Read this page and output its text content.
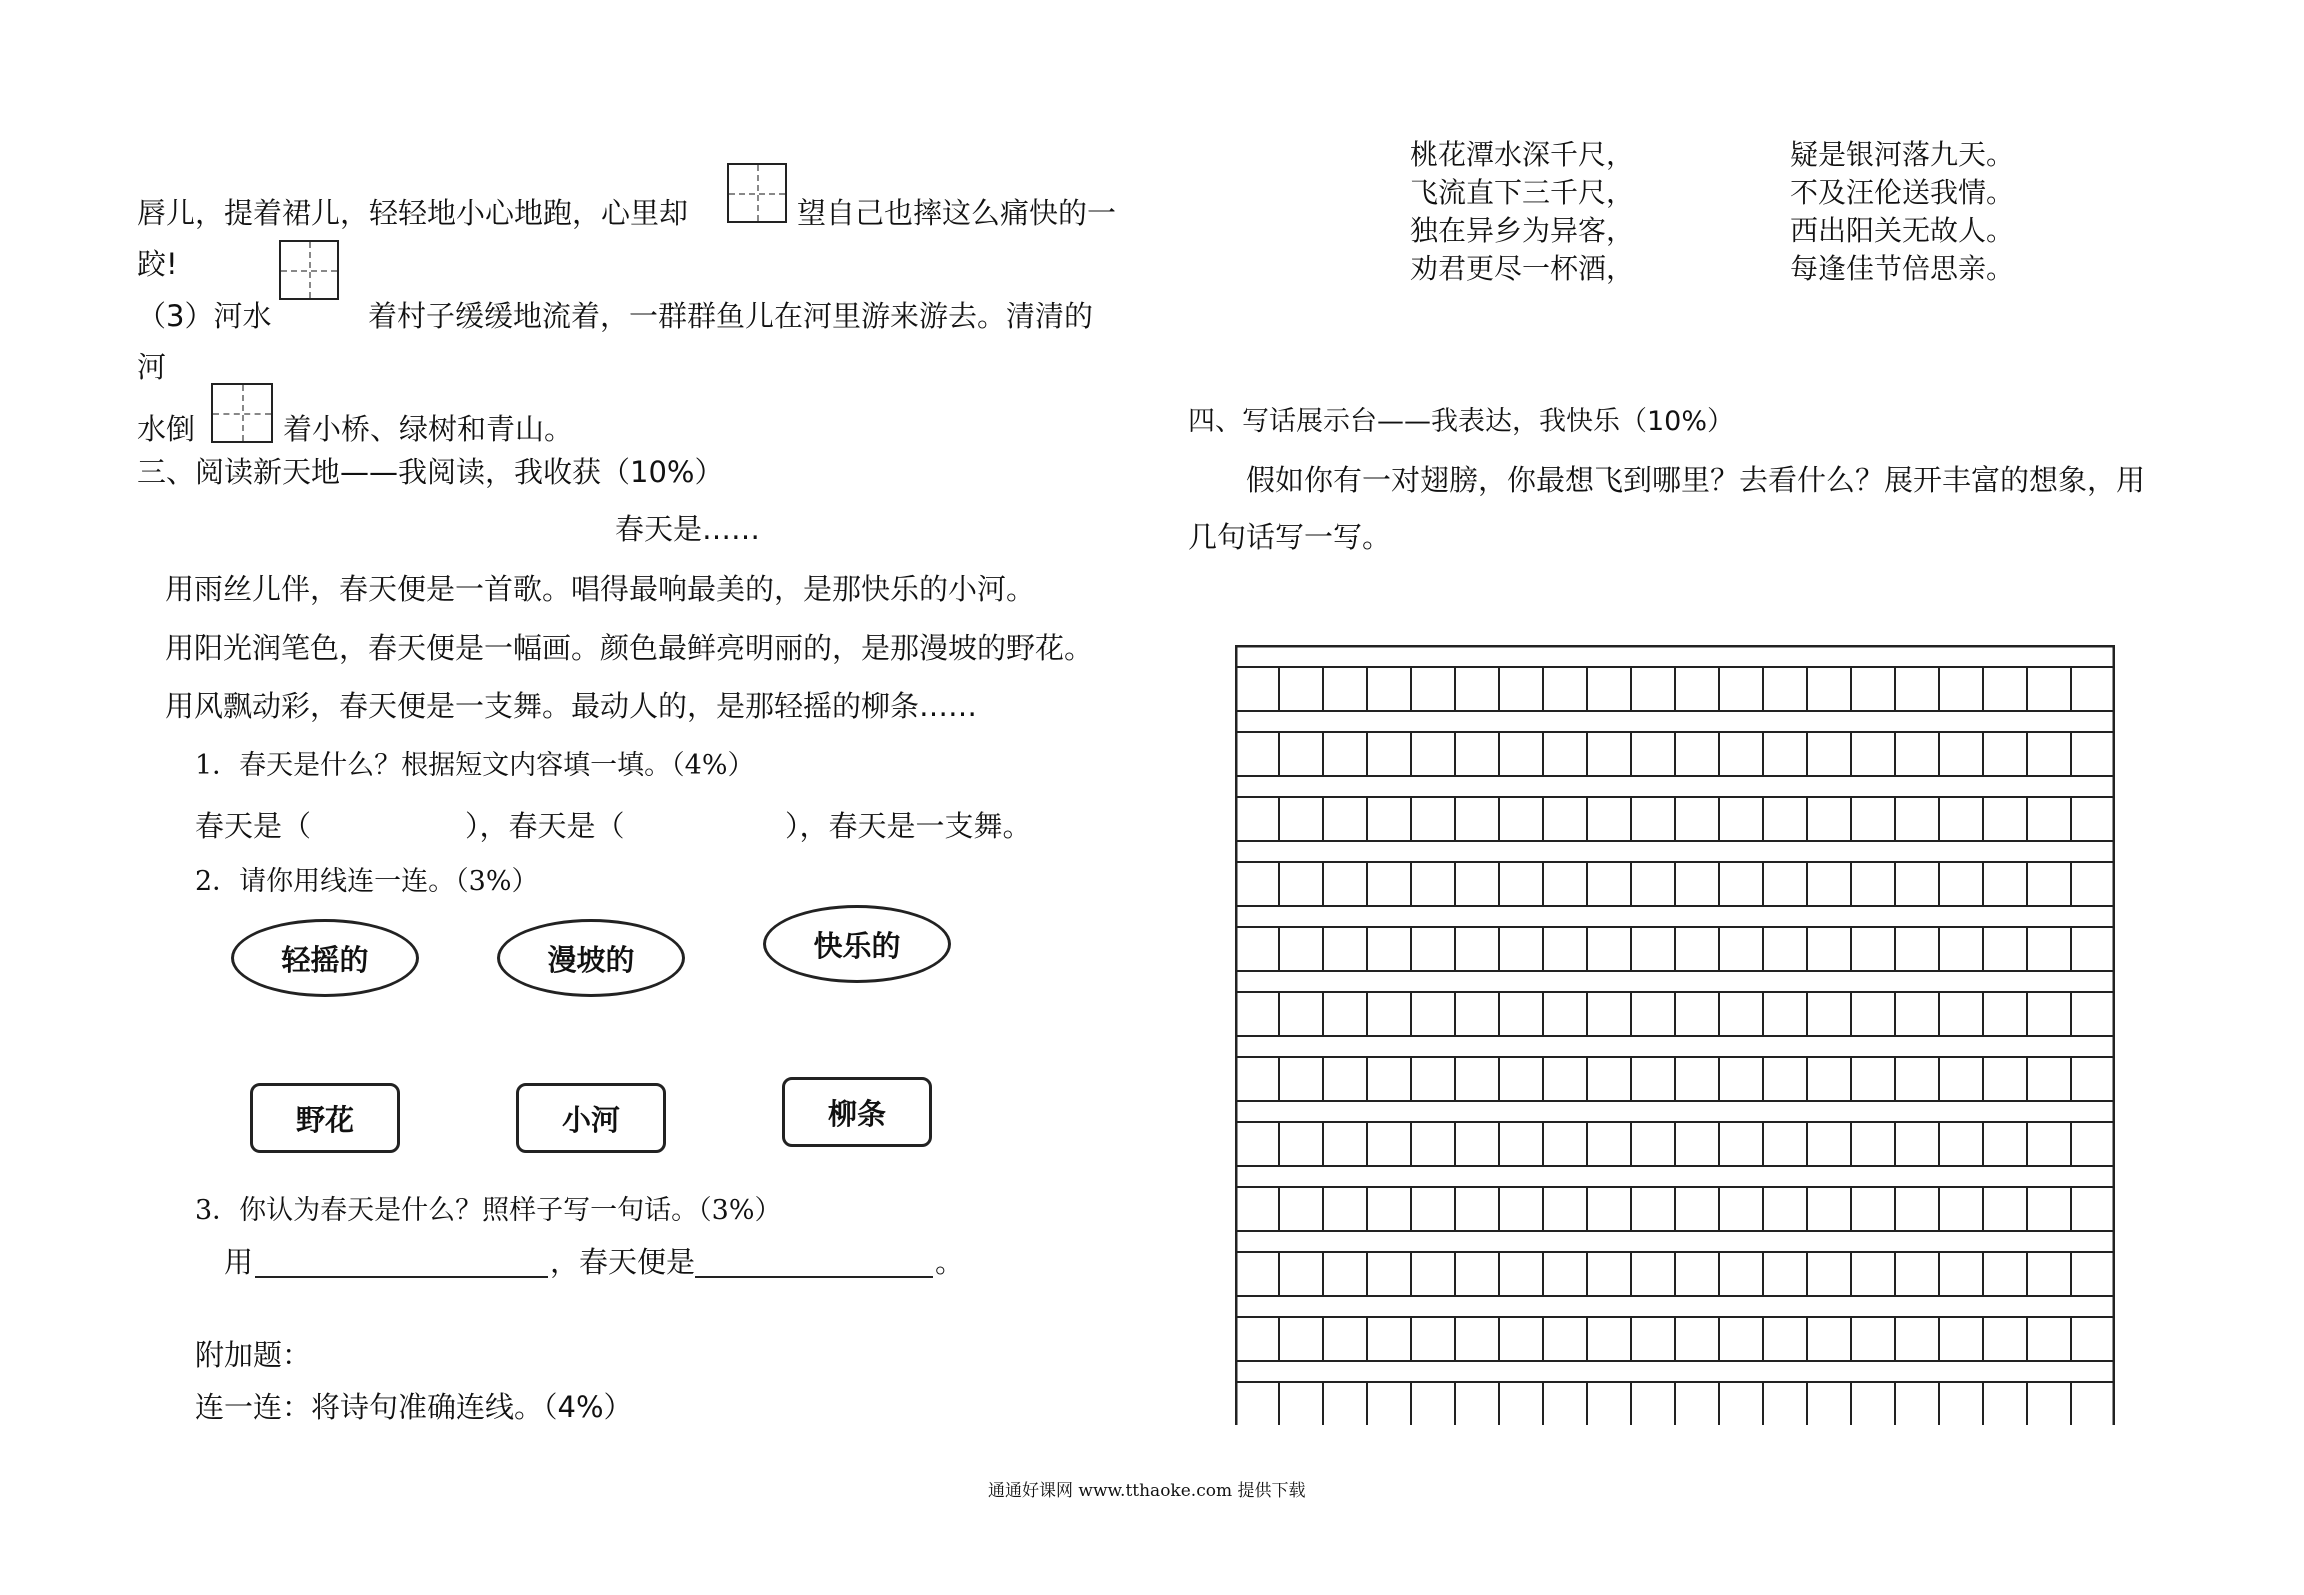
唇儿，提着裙儿，轻轻地小心地跑，心里却	望自己也摔这么痛快的一
跤!
（3）河水	着村子缓缓地流着，一群群鱼儿在河里游来游去。清清的
河
水倒	着小桥、绿树和青山。
三、阅读新天地——我阅读，我收获（10%）
春天是……
用雨丝儿伴，春天便是一首歌。唱得最响最美的，是那快乐的小河。
用阳光润笔色，春天便是一幅画。颜色最鲜亮明丽的，是那漫坡的野花。
用风飘动彩，春天便是一支舞。最动人的，是那轻摇的柳条……
1．春天是什么？根据短文内容填一填。（4%）
春天是（	），春天是（	），春天是一支舞。
2．请你用线连一连。（3%）
轻摇的	漫坡的	快乐的
野花	小河	柳条
3．你认为春天是什么？照样子写一句话。（3%）
用	，春天便是	。
附加题：
连一连：将诗句准确连线。（4%）
桃花潭水深千尺，	疑是银河落九天。
飞流直下三千尺，	不及汪伦送我情。
独在异乡为异客，	西出阳关无故人。
劝君更尽一杯酒，	每逢佳节倍思亲。
四、写话展示台——我表达，我快乐（10%）
假如你有一对翅膀，你最想飞到哪里？去看什么？展开丰富的想象，用
几句话写一写。
通通好课网 www.tthaoke.com 提供下载
